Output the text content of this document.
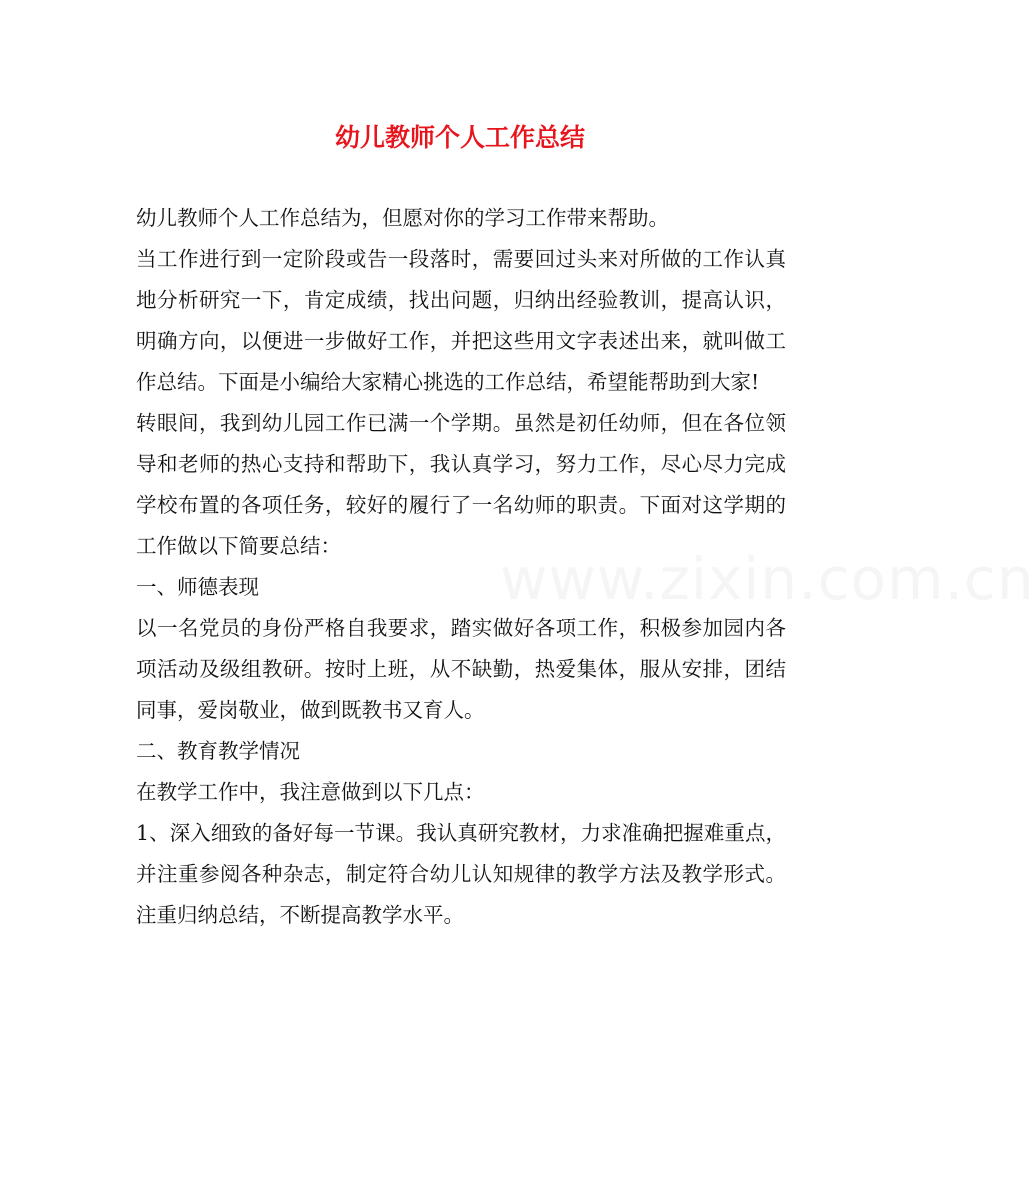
幼儿教师个人工作总结
www.zixin.com.cn

幼儿教师个人工作总结为，但愿对你的学习工作带来帮助。

当工作进行到一定阶段或告一段落时，需要回过头来对所做的工作认真地分析研究一下，肯定成绩，找出问题，归纳出经验教训，提高认识，明确方向，以便进一步做好工作，并把这些用文字表述出来，就叫做工作总结。下面是小编给大家精心挑选的工作总结，希望能帮助到大家!

转眼间，我到幼儿园工作已满一个学期。虽然是初任幼师，但在各位领导和老师的热心支持和帮助下，我认真学习，努力工作，尽心尽力完成学校布置的各项任务，较好的履行了一名幼师的职责。下面对这学期的工作做以下简要总结：

一、师德表现

以一名党员的身份严格自我要求，踏实做好各项工作，积极参加园内各项活动及级组教研。按时上班，从不缺勤，热爱集体，服从安排，团结同事，爱岗敬业，做到既教书又育人。

二、教育教学情况

在教学工作中，我注意做到以下几点：

1、深入细致的备好每一节课。我认真研究教材，力求准确把握难重点，并注重参阅各种杂志，制定符合幼儿认知规律的教学方法及教学形式。注重归纳总结，不断提高教学水平。
